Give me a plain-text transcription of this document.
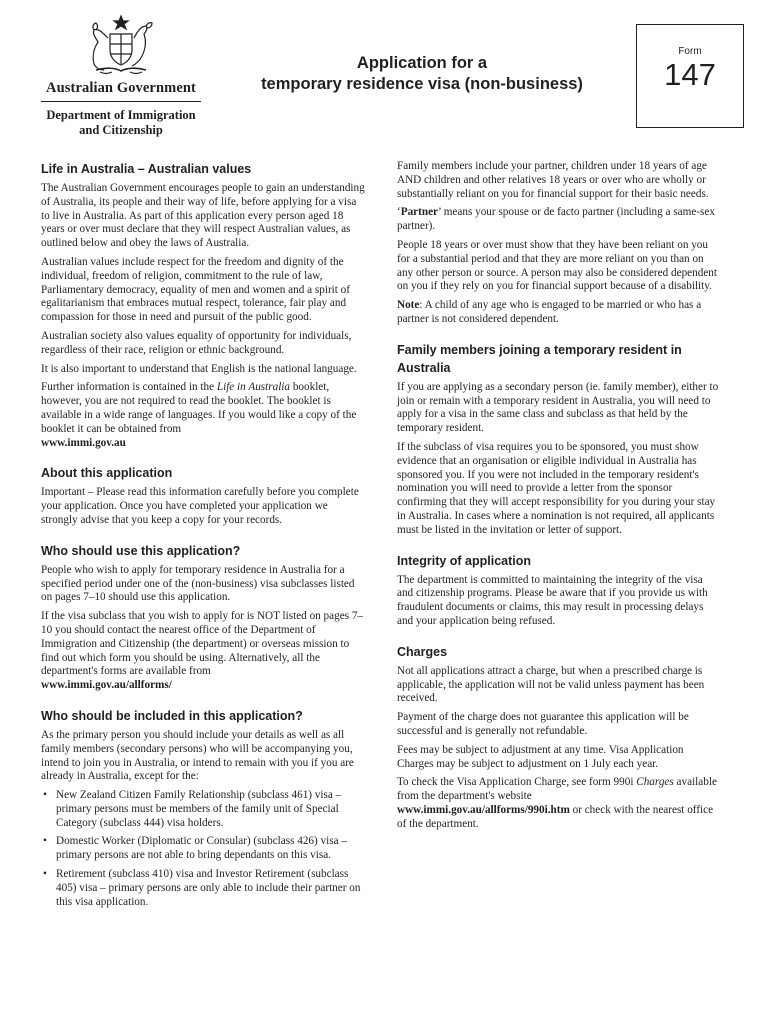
Australian Government
Department of Immigration
and Citizenship
Application for a
temporary residence visa (non-business)
Form
147
Life in Australia – Australian values

The Australian Government encourages people to gain an understanding of Australia, its people and their way of life, before applying for a visa to live in Australia. As part of this application every person aged 18 years or over must declare that they will respect Australian values, as outlined below and obey the laws of Australia.

Australian values include respect for the freedom and dignity of the individual, freedom of religion, commitment to the rule of law, Parliamentary democracy, equality of men and women and a spirit of egalitarianism that embraces mutual respect, tolerance, fair play and compassion for those in need and pursuit of the public good.

Australian society also values equality of opportunity for individuals, regardless of their race, religion or ethnic background.

It is also important to understand that English is the national language.

Further information is contained in the Life in Australia booklet, however, you are not required to read the booklet. The booklet is available in a wide range of languages. If you would like a copy of the booklet it can be obtained from
www.immi.gov.au

About this application

Important – Please read this information carefully before you complete your application. Once you have completed your application we strongly advise that you keep a copy for your records.

Who should use this application?

People who wish to apply for temporary residence in Australia for a specified period under one of the (non-business) visa subclasses listed on pages 7–10 should use this application.

If the visa subclass that you wish to apply for is NOT listed on pages 7–10 you should contact the nearest office of the Department of Immigration and Citizenship (the department) or overseas mission to find out which form you should be using. Alternatively, all the department's forms are available from
www.immi.gov.au/allforms/

Who should be included in this application?

As the primary person you should include your details as well as all family members (secondary persons) who will be accompanying you, intend to join you in Australia, or intend to remain with you if you are already in Australia, except for the:

• New Zealand Citizen Family Relationship (subclass 461) visa – primary persons must be members of the family unit of Special Category (subclass 444) visa holders.
• Domestic Worker (Diplomatic or Consular) (subclass 426) visa – primary persons are not able to bring dependants on this visa.
• Retirement (subclass 410) visa and Investor Retirement (subclass 405) visa – primary persons are only able to include their partner on this visa application.

Family members include your partner, children under 18 years of age AND children and other relatives 18 years or over who are wholly or substantially reliant on you for financial support for their basic needs.

‘Partner’ means your spouse or de facto partner (including a same-sex partner).

People 18 years or over must show that they have been reliant on you for a substantial period and that they are more reliant on you than on any other person or source. A person may also be considered dependent on you if they rely on you for financial support because of a disability.

Note: A child of any age who is engaged to be married or who has a partner is not considered dependent.

Family members joining a temporary resident in Australia

If you are applying as a secondary person (ie. family member), either to join or remain with a temporary resident in Australia, you will need to apply for a visa in the same class and subclass as that held by the temporary resident.

If the subclass of visa requires you to be sponsored, you must show evidence that an organisation or eligible individual in Australia has sponsored you. If you were not included in the temporary resident's nomination you will need to provide a letter from the sponsor confirming that they will accept responsibility for you during your stay in Australia. In cases where a nomination is not required, all applicants must be listed in the invitation or letter of support.

Integrity of application

The department is committed to maintaining the integrity of the visa and citizenship programs. Please be aware that if you provide us with fraudulent documents or claims, this may result in processing delays and your application being refused.

Charges

Not all applications attract a charge, but when a prescribed charge is applicable, the application will not be valid unless payment has been received.

Payment of the charge does not guarantee this application will be successful and is generally not refundable.

Fees may be subject to adjustment at any time. Visa Application Charges may be subject to adjustment on 1 July each year.

To check the Visa Application Charge, see form 990i Charges available from the department's website
www.immi.gov.au/allforms/990i.htm or check with the nearest office of the department.
